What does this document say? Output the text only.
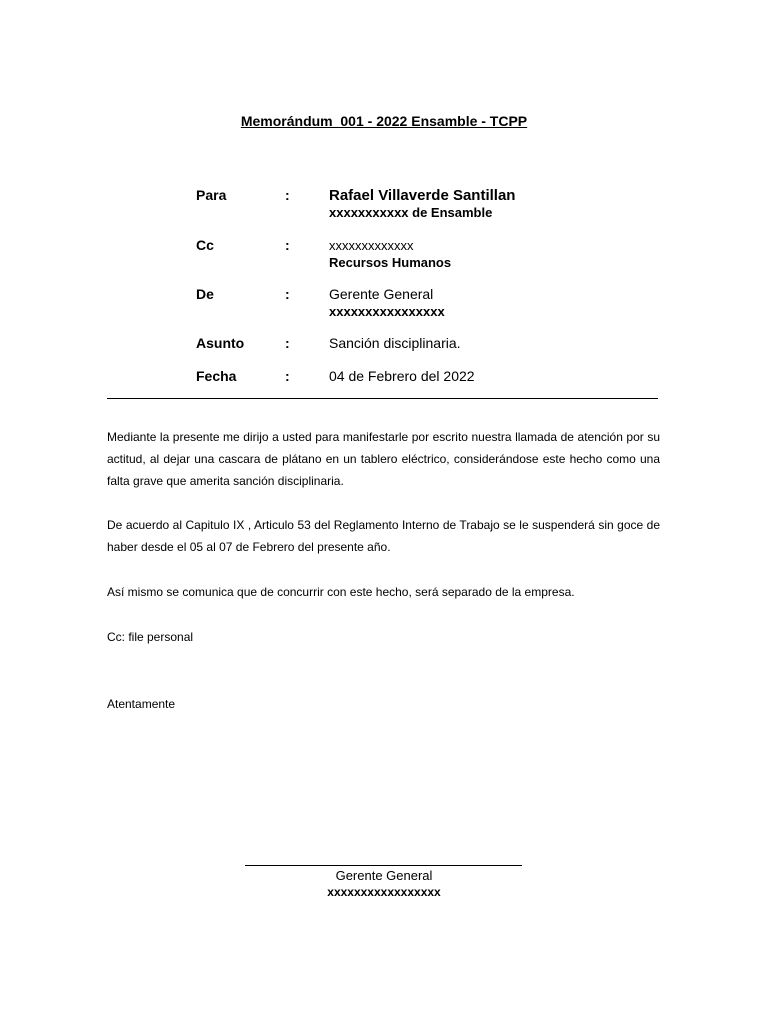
Memorándum  001 - 2022 Ensamble - TCPP
Para	:	Rafael Villaverde Santillan
xxxxxxxxxxx de Ensamble
Cc	:	xxxxxxxxxxxxx
Recursos Humanos
De	:	Gerente General
xxxxxxxxxxxxxxxx
Asunto	:	Sanción disciplinaria.
Fecha	:	04 de Febrero del 2022

Mediante la presente me dirijo a usted para manifestarle por escrito nuestra llamada de atención por su actitud, al dejar una cascara de plátano en un tablero eléctrico, considerándose este hecho como una falta grave que amerita sanción disciplinaria.

De acuerdo al Capitulo IX , Articulo 53 del Reglamento Interno de Trabajo se le suspenderá sin goce de haber desde el 05 al 07 de Febrero del presente año.

Así mismo se comunica que de concurrir con este hecho, será separado de la empresa.

Cc: file personal

Atentamente

Gerente General

xxxxxxxxxxxxxxxxx
